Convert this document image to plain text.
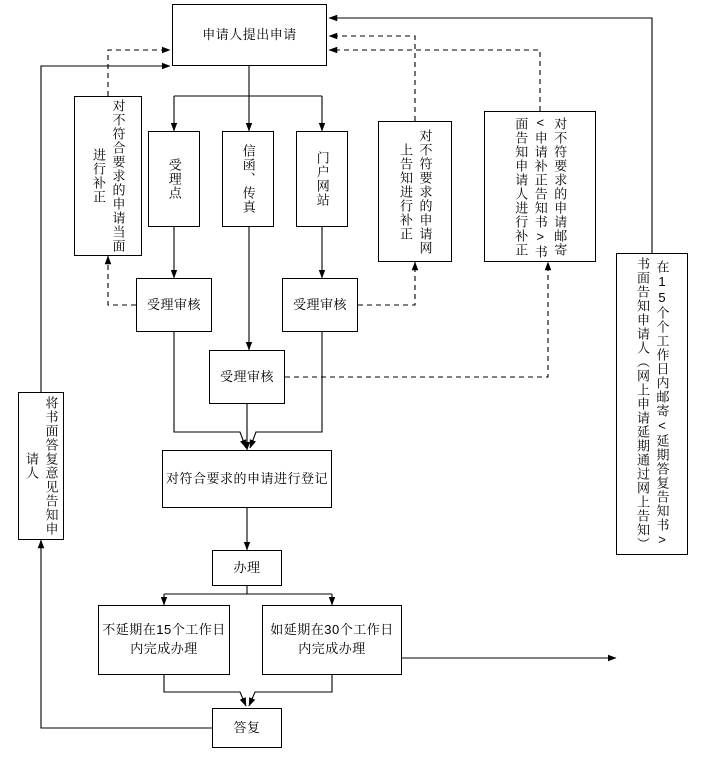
申请人提出申请
对不符合要求的申请当面进行补正	受理点	信函、传真	门户网站	对不符要求的申请网上告知进行补正	对不符要求的申请邮寄<申请补正告知书>书面告知申请人进行补正
在15个个工作日内邮寄<延期答复告知书>书面告知申请人（网上申请延期通过网上告知）
受理审核	受理审核
受理审核
对符合要求的申请进行登记
将书面答复意见告知申请人
办理
不延期在15个工作日内完成办理
如延期在30个工作日内完成办理
答复
